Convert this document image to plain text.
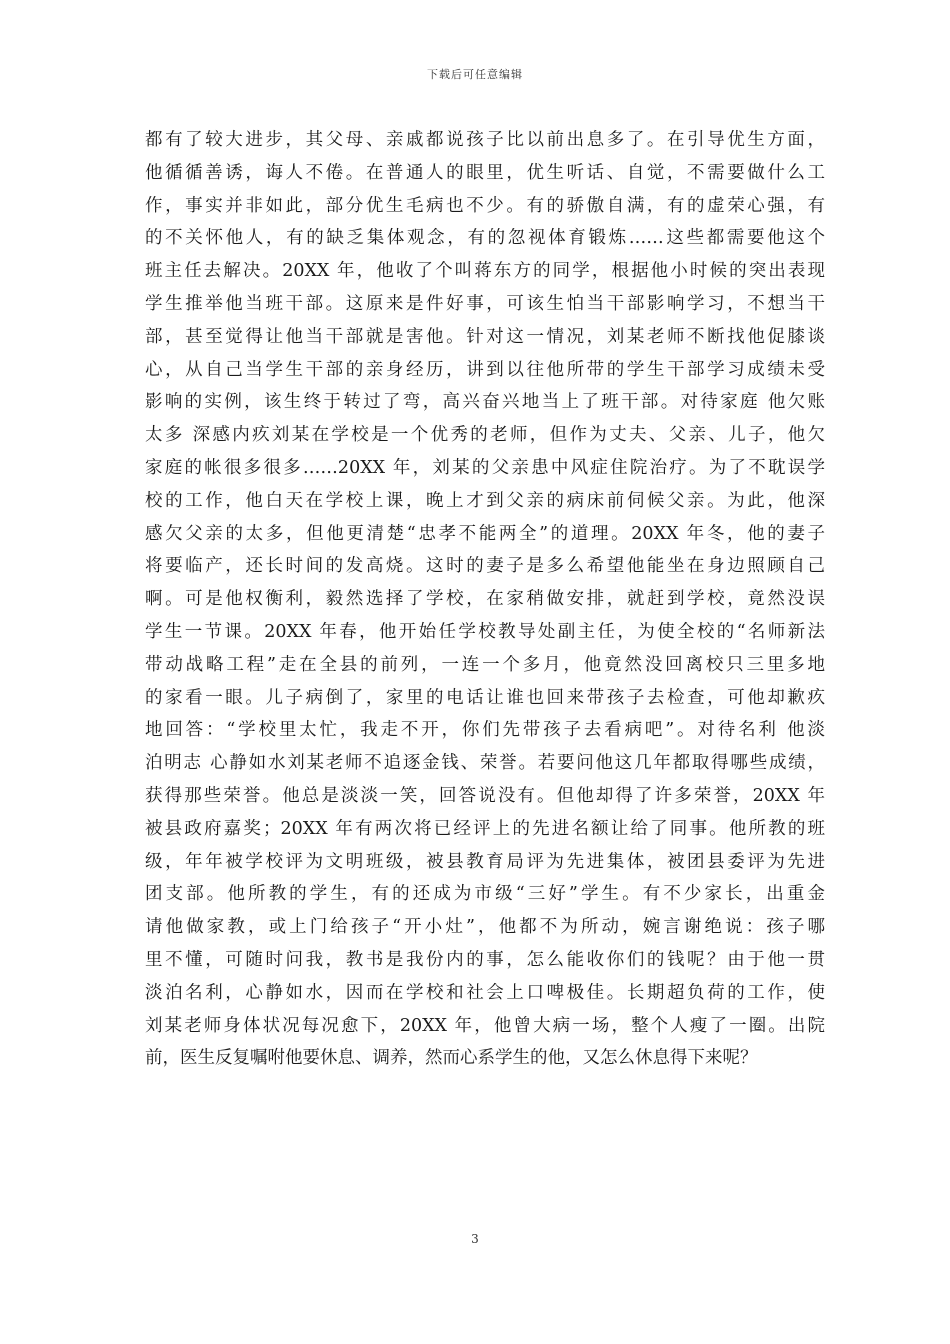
下载后可任意编辑
都有了较大进步，其父母、亲戚都说孩子比以前出息多了。在引导优生方面，
他循循善诱，诲人不倦。在普通人的眼里，优生听话、自觉，不需要做什么工
作，事实并非如此，部分优生毛病也不少。有的骄傲自满，有的虚荣心强，有
的不关怀他人，有的缺乏集体观念，有的忽视体育锻炼……这些都需要他这个
班主任去解决。20XX 年，他收了个叫蒋东方的同学，根据他小时候的突出表现
学生推举他当班干部。这原来是件好事，可该生怕当干部影响学习，不想当干
部，甚至觉得让他当干部就是害他。针对这一情况，刘某老师不断找他促膝谈
心，从自己当学生干部的亲身经历，讲到以往他所带的学生干部学习成绩未受
影响的实例，该生终于转过了弯，高兴奋兴地当上了班干部。对待家庭 他欠账
太多 深感内疚刘某在学校是一个优秀的老师，但作为丈夫、父亲、儿子，他欠
家庭的帐很多很多……20XX 年，刘某的父亲患中风症住院治疗。为了不耽误学
校的工作，他白天在学校上课，晚上才到父亲的病床前伺候父亲。为此，他深
感欠父亲的太多，但他更清楚“忠孝不能两全”的道理。20XX 年冬，他的妻子
将要临产，还长时间的发高烧。这时的妻子是多么希望他能坐在身边照顾自己
啊。可是他权衡利，毅然选择了学校，在家稍做安排，就赶到学校，竟然没误
学生一节课。20XX 年春，他开始任学校教导处副主任，为使全校的“名师新法
带动战略工程”走在全县的前列，一连一个多月，他竟然没回离校只三里多地
的家看一眼。儿子病倒了，家里的电话让谁也回来带孩子去检查，可他却歉疚
地回答：“学校里太忙，我走不开，你们先带孩子去看病吧”。对待名利 他淡
泊明志 心静如水刘某老师不追逐金钱、荣誉。若要问他这几年都取得哪些成绩，
获得那些荣誉。他总是淡淡一笑，回答说没有。但他却得了许多荣誉，20XX 年
被县政府嘉奖；20XX 年有两次将已经评上的先进名额让给了同事。他所教的班
级，年年被学校评为文明班级，被县教育局评为先进集体，被团县委评为先进
团支部。他所教的学生，有的还成为市级“三好”学生。有不少家长，出重金
请他做家教，或上门给孩子“开小灶”，他都不为所动，婉言谢绝说：孩子哪
里不懂，可随时问我，教书是我份内的事，怎么能收你们的钱呢？由于他一贯
淡泊名利，心静如水，因而在学校和社会上口啤极佳。长期超负荷的工作，使
刘某老师身体状况每况愈下，20XX 年，他曾大病一场，整个人瘦了一圈。出院
前，医生反复嘱咐他要休息、调养，然而心系学生的他，又怎么休息得下来呢？
3
